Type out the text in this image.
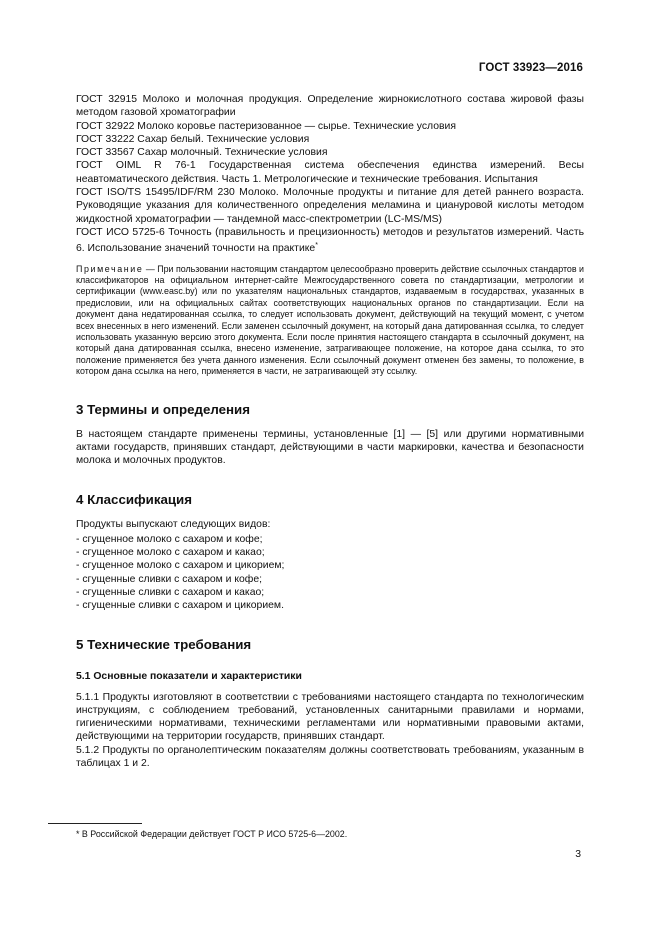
ГОСТ 33923—2016

ГОСТ 32915 Молоко и молочная продукция. Определение жирнокислотного состава жировой фазы методом газовой хроматографии

ГОСТ 32922 Молоко коровье пастеризованное — сырье. Технические условия

ГОСТ 33222 Сахар белый. Технические условия

ГОСТ 33567 Сахар молочный. Технические условия

ГОСТ OIML R 76-1 Государственная система обеспечения единства измерений. Весы неавтоматического действия. Часть 1. Метрологические и технические требования. Испытания

ГОСТ ISO/TS 15495/IDF/RM 230 Молоко. Молочные продукты и питание для детей раннего возраста. Руководящие указания для количественного определения меламина и циануровой кислоты методом жидкостной хроматографии — тандемной масс-спектрометрии (LC-MS/MS)

ГОСТ ИСО 5725-6 Точность (правильность и прецизионность) методов и результатов измерений. Часть 6. Использование значений точности на практике*

Примечание — При пользовании настоящим стандартом целесообразно проверить действие ссылочных стандартов и классификаторов на официальном интернет-сайте Межгосударственного совета по стандартизации, метрологии и сертификации (www.easc.by) или по указателям национальных стандартов, издаваемым в государствах, указанных в предисловии, или на официальных сайтах соответствующих национальных органов по стандартизации. Если на документ дана недатированная ссылка, то следует использовать документ, действующий на текущий момент, с учетом всех внесенных в него изменений. Если заменен ссылочный документ, на который дана датированная ссылка, то следует использовать указанную версию этого документа. Если после принятия настоящего стандарта в ссылочный документ, на который дана датированная ссылка, внесено изменение, затрагивающее положение, на которое дана ссылка, то это положение применяется без учета данного изменения. Если ссылочный документ отменен без замены, то положение, в котором дана ссылка на него, применяется в части, не затрагивающей эту ссылку.

3 Термины и определения

В настоящем стандарте применены термины, установленные [1] — [5] или другими нормативными актами государств, принявших стандарт, действующими в части маркировки, качества и безопасности молока и молочных продуктов.

4 Классификация

Продукты выпускают следующих видов:

- сгущенное молоко с сахаром и кофе;
- сгущенное молоко с сахаром и какао;
- сгущенное молоко с сахаром и цикорием;
- сгущенные сливки с сахаром и кофе;
- сгущенные сливки с сахаром и какао;
- сгущенные сливки с сахаром и цикорием.
5 Технические требования
5.1 Основные показатели и характеристики

5.1.1 Продукты изготовляют в соответствии с требованиями настоящего стандарта по технологическим инструкциям, с соблюдением требований, установленных санитарными правилами и нормами, гигиеническими нормативами, техническими регламентами или нормативными правовыми актами, действующими на территории государств, принявших стандарт.

5.1.2 Продукты по органолептическим показателям должны соответствовать требованиям, указанным в таблицах 1 и 2.

* В Российской Федерации действует ГОСТ Р ИСО 5725-6—2002.
3
